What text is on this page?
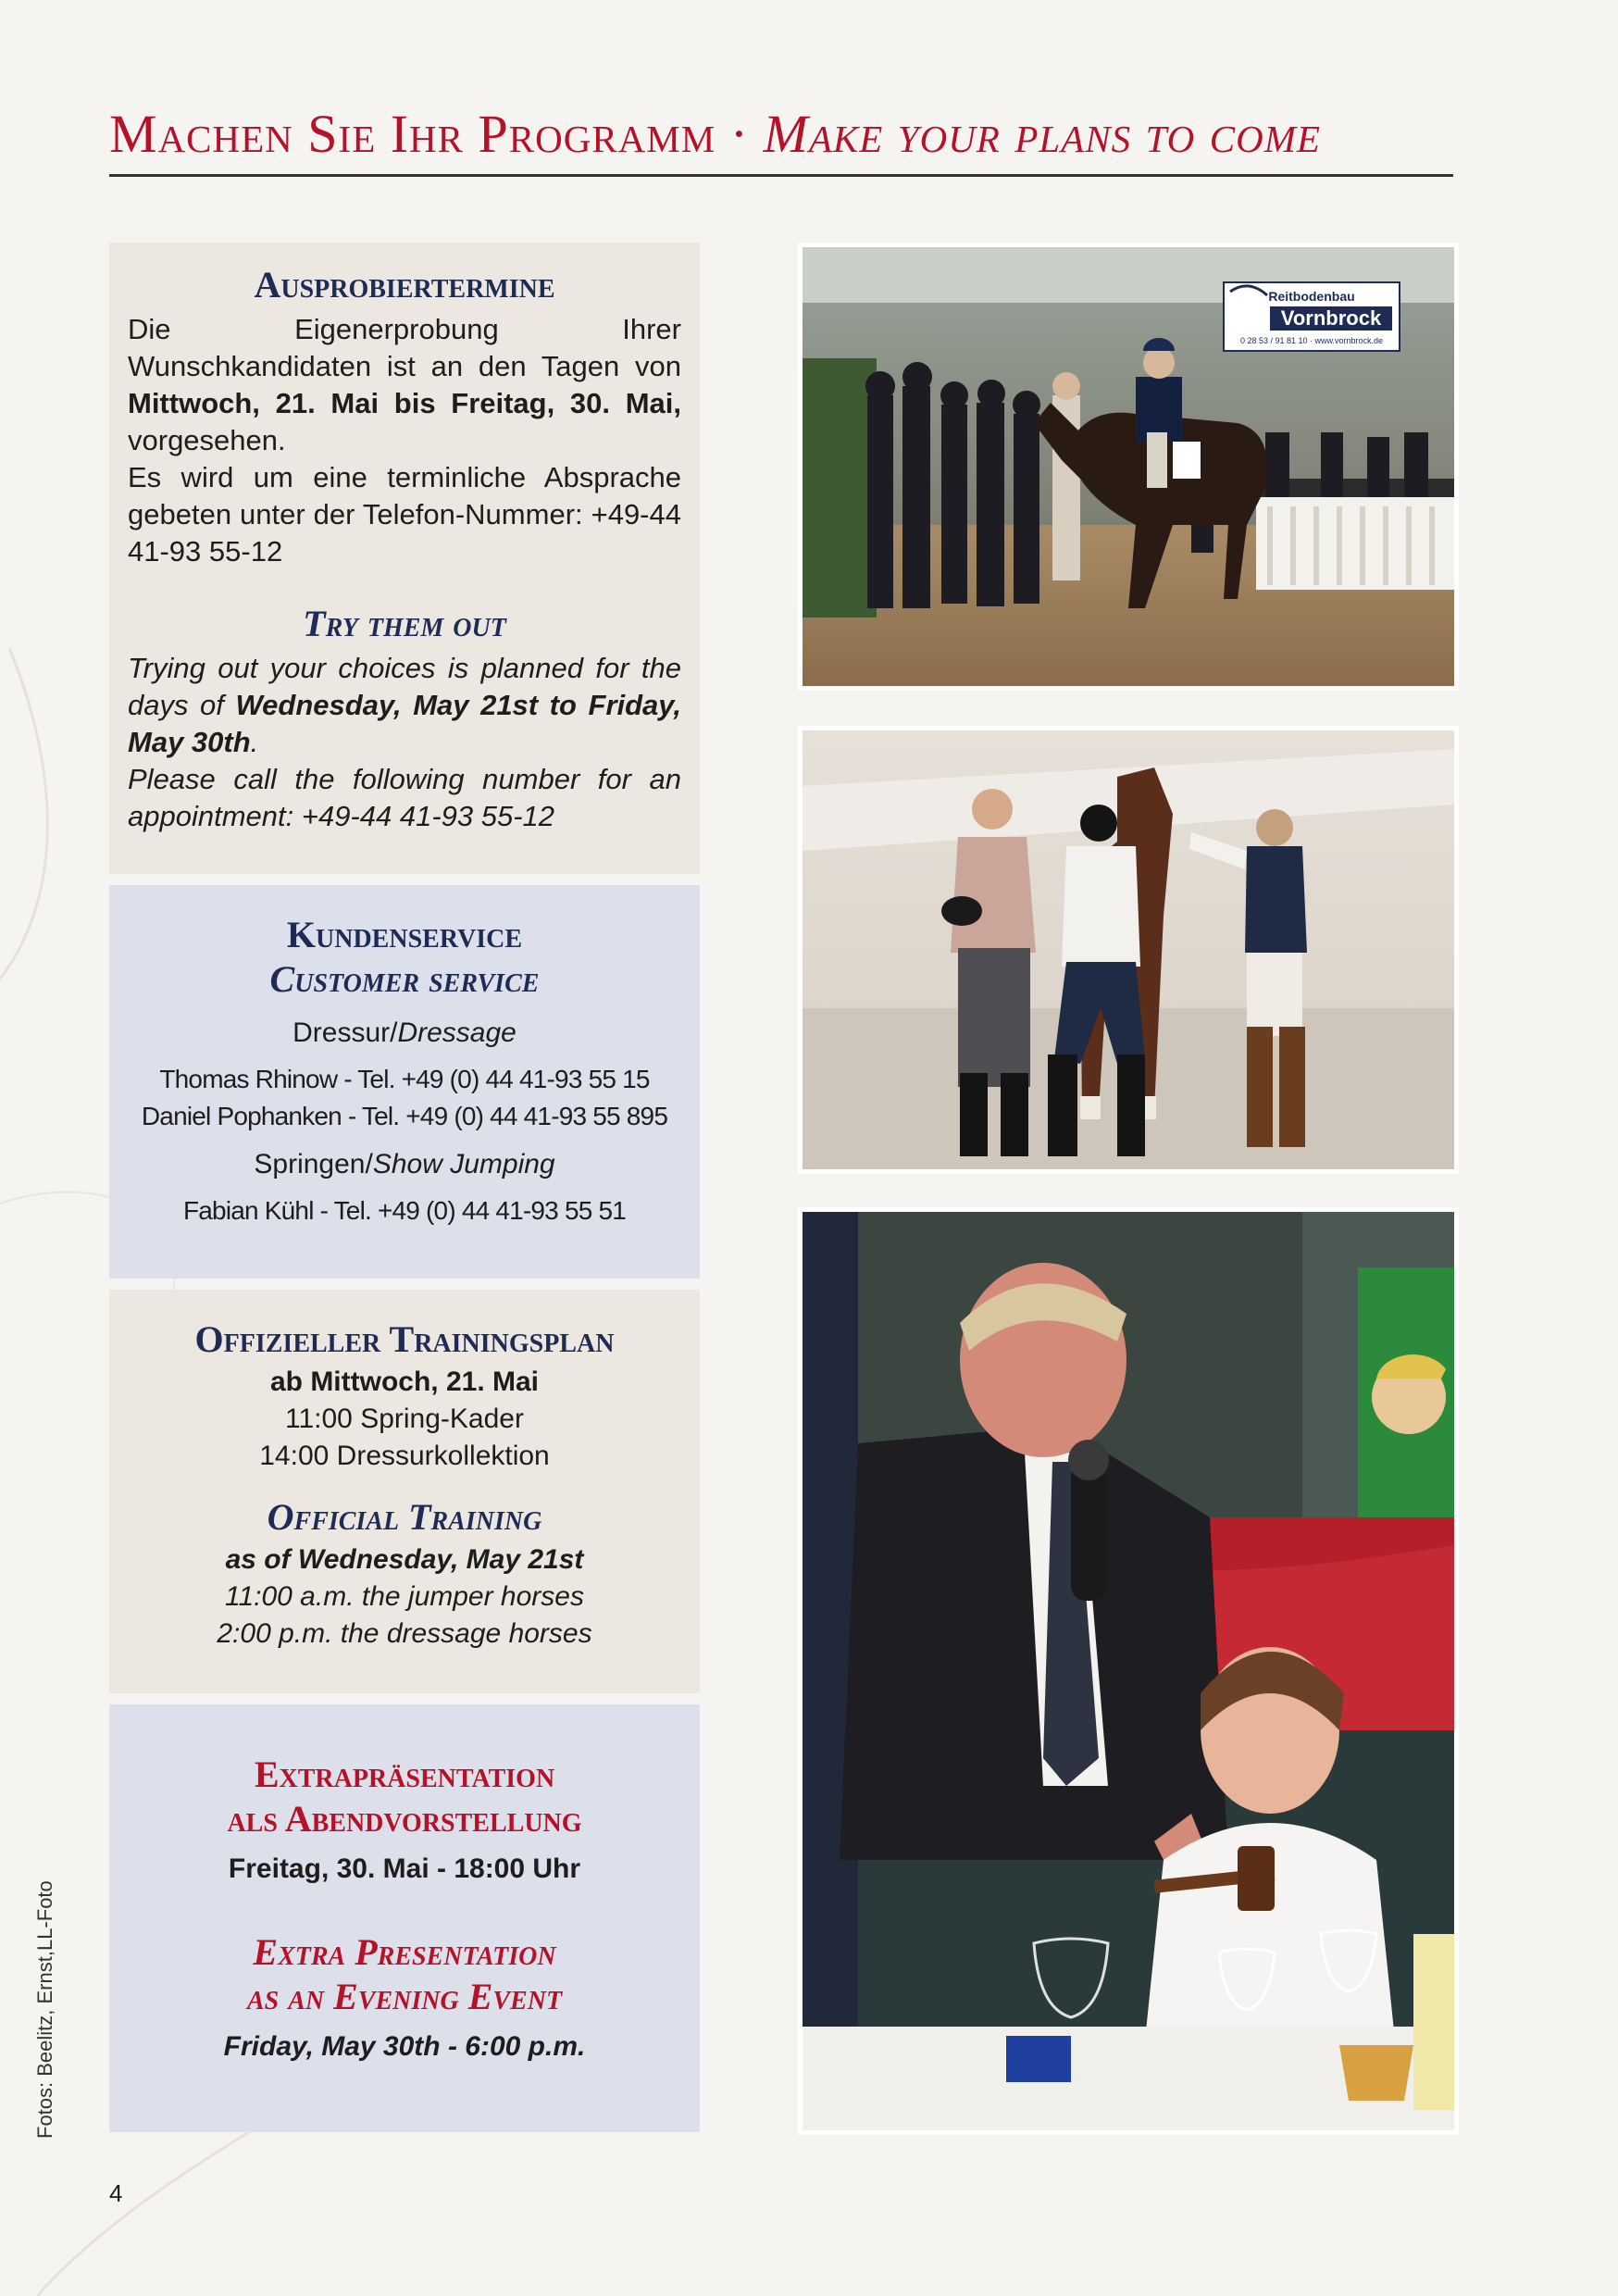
Machen Sie Ihr Programm · Make your plans to come
Ausprobiertermine

Die Eigenerprobung Ihrer Wunschkandidaten ist an den Tagen von Mittwoch, 21. Mai bis Freitag, 30. Mai, vorgesehen.

Es wird um eine terminliche Absprache gebeten unter der Telefon-Nummer: +49-44 41-93 55-12

Try them out

Trying out your choices is planned for the days of Wednesday, May 21st to Friday, May 30th.

Please call the following number for an appointment: +49-44 41-93 55-12

Kundenservice
Customer service

Dressur/Dressage

Thomas Rhinow - Tel. +49 (0) 44 41-93 55 15

Daniel Pophanken - Tel. +49 (0) 44 41-93 55 895

Springen/Show Jumping

Fabian Kühl - Tel. +49 (0) 44 41-93 55 51

Offizieller Trainingsplan

ab Mittwoch, 21. Mai

11:00 Spring-Kader

14:00 Dressurkollektion

Official Training

as of Wednesday, May 21st

11:00 a.m. the jumper horses

2:00 p.m. the dressage horses

Extrapräsentation
als Abendvorstellung

Freitag, 30. Mai - 18:00 Uhr

Extra Presentation
as an Evening Event

Friday, May 30th - 6:00 p.m.

Reitbodenbau
Vornbrock
0 28 53 / 91 81 10 · www.vornbrock.de
Fotos: Beelitz, Ernst,LL-Foto
4
